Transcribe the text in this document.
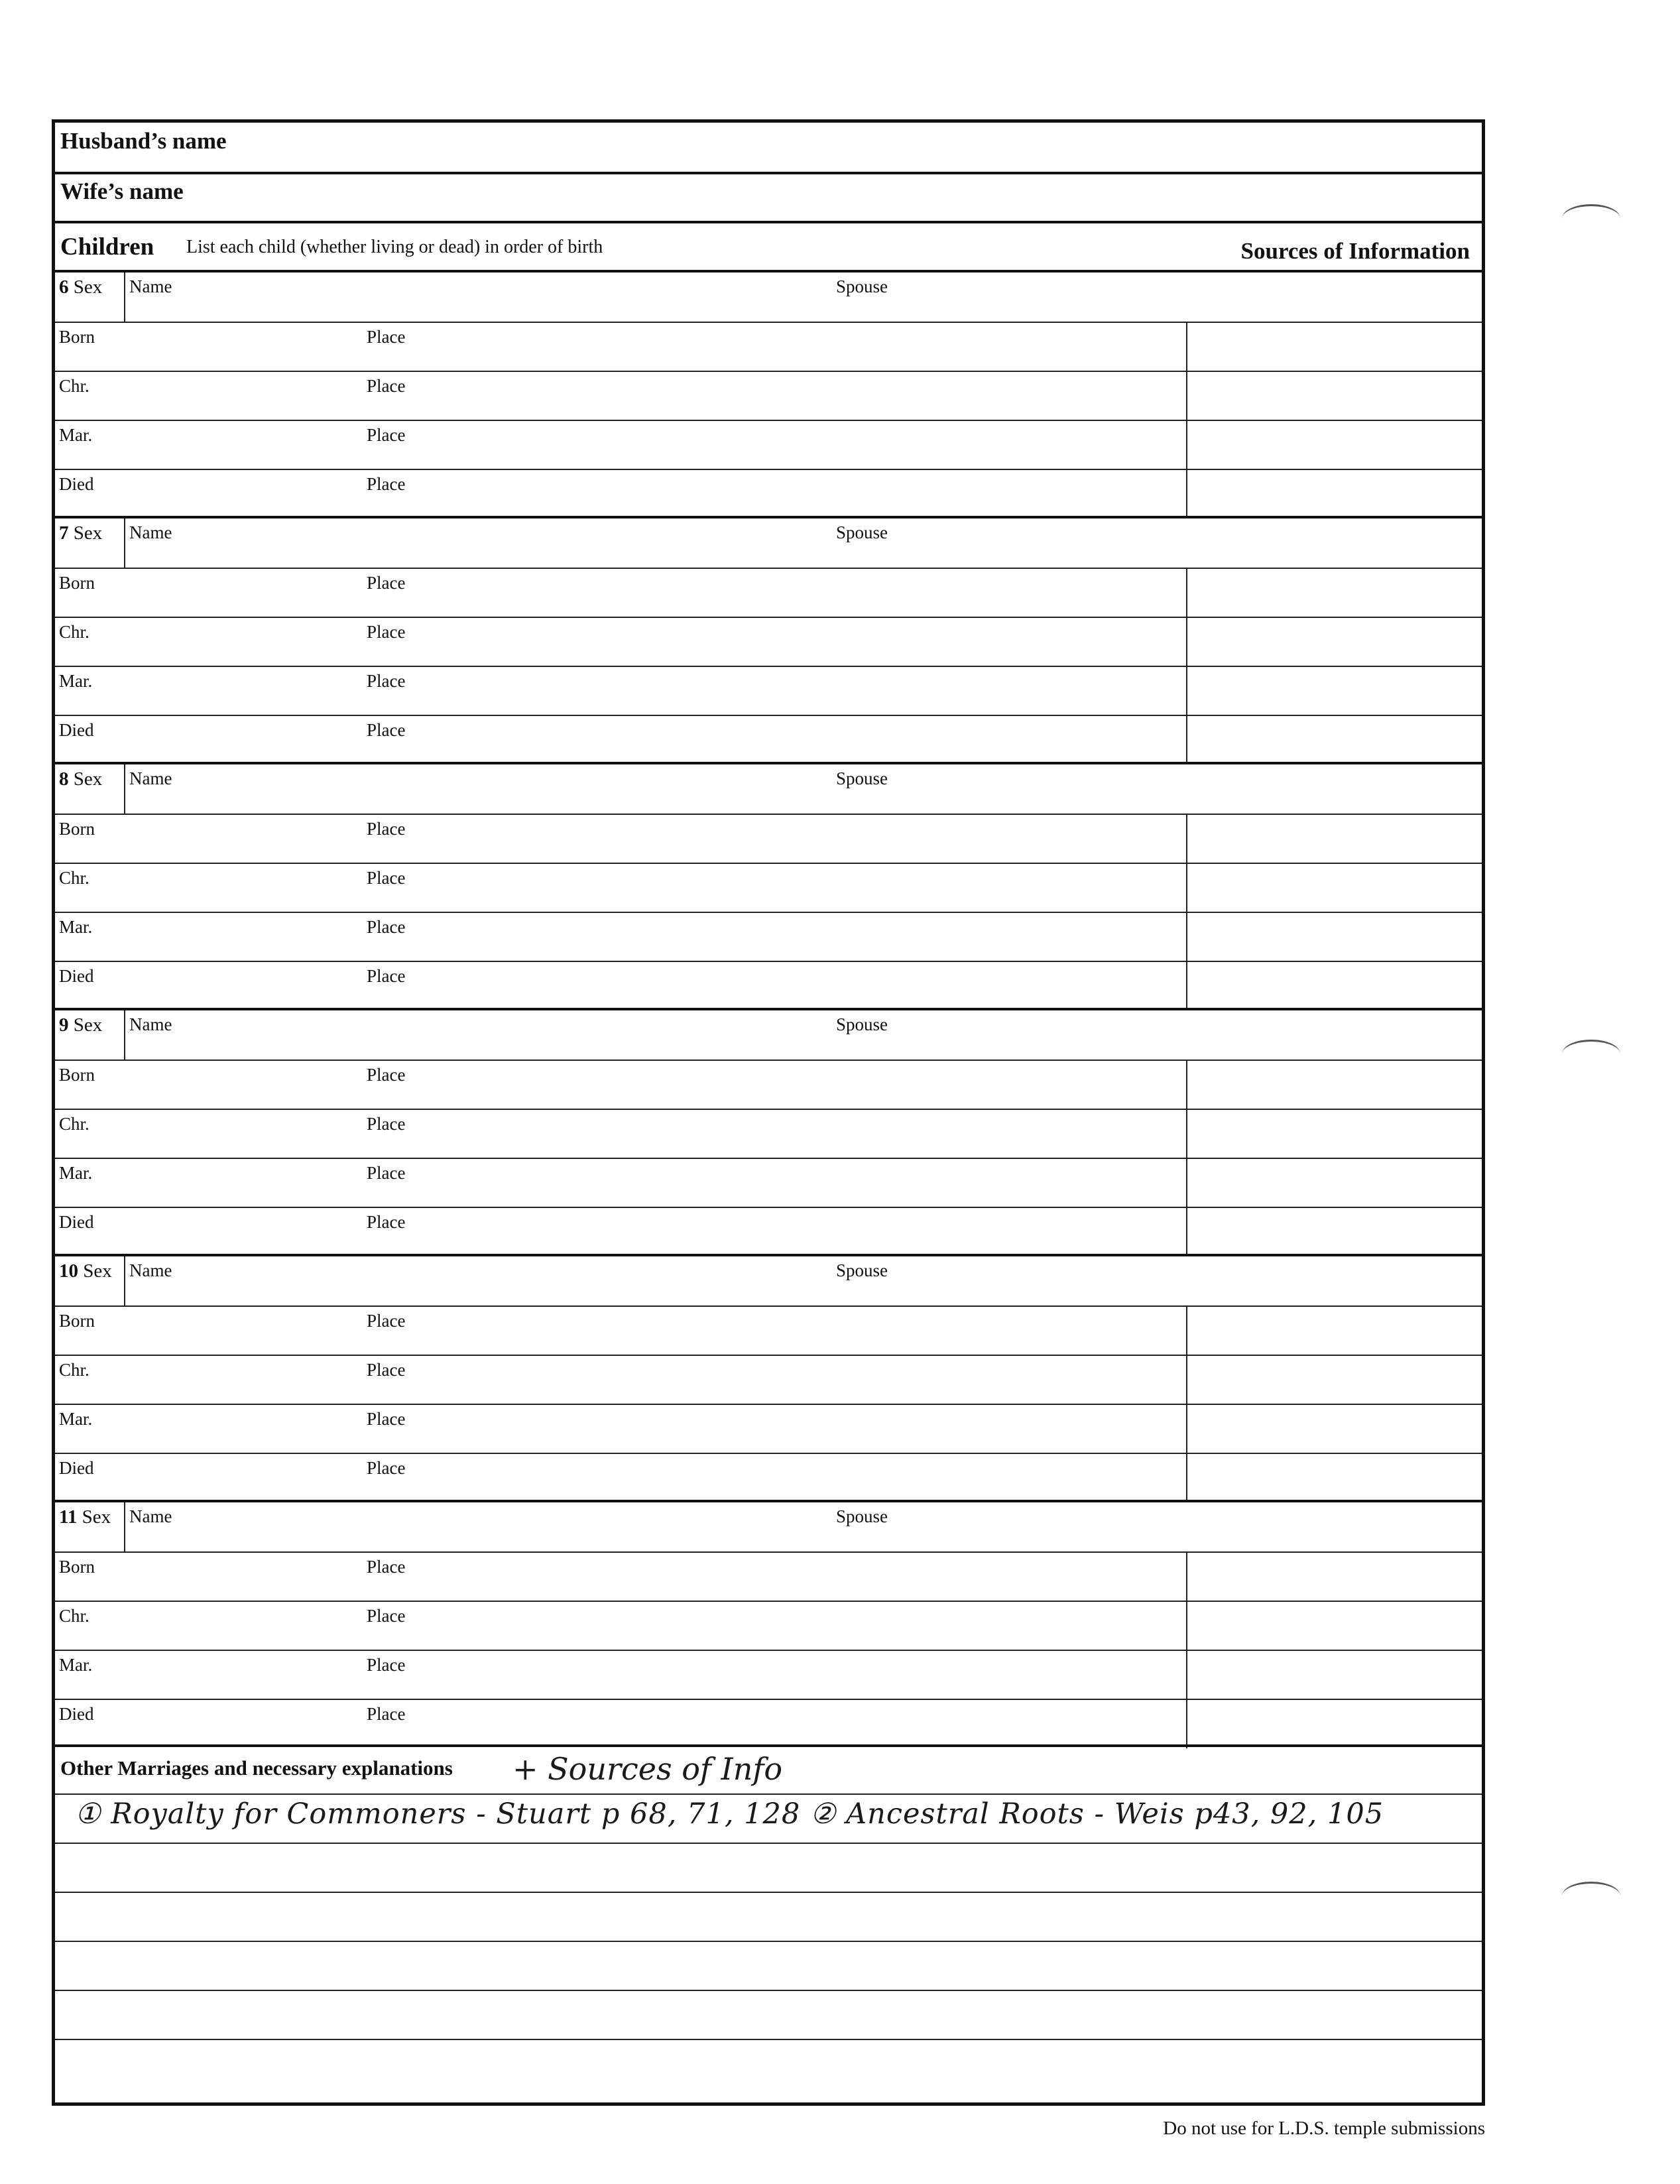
Husband’s name
Wife’s name
Children List each child (whether living or dead) in order of birth	Sources of Information
6 Sex Name	Spouse
Born	Place
Chr.	Place
Mar.	Place
Died	Place
7 Sex Name	Spouse
Born	Place
Chr.	Place
Mar.	Place
Died	Place
8 Sex Name	Spouse
Born	Place
Chr.	Place
Mar.	Place
Died	Place
9 Sex Name	Spouse
Born	Place
Chr.	Place
Mar.	Place
Died	Place
10 Sex Name	Spouse
Born	Place
Chr.	Place
Mar.	Place
Died	Place
11 Sex Name	Spouse
Born	Place
Chr.	Place
Mar.	Place
Died	Place
Other Marriages and necessary explanations + Sources of Info
① Royalty for Commoners - Stuart p 68, 71, 128 ② Ancestral Roots - Weis p43, 92, 105
Do not use for L.D.S. temple submissions
